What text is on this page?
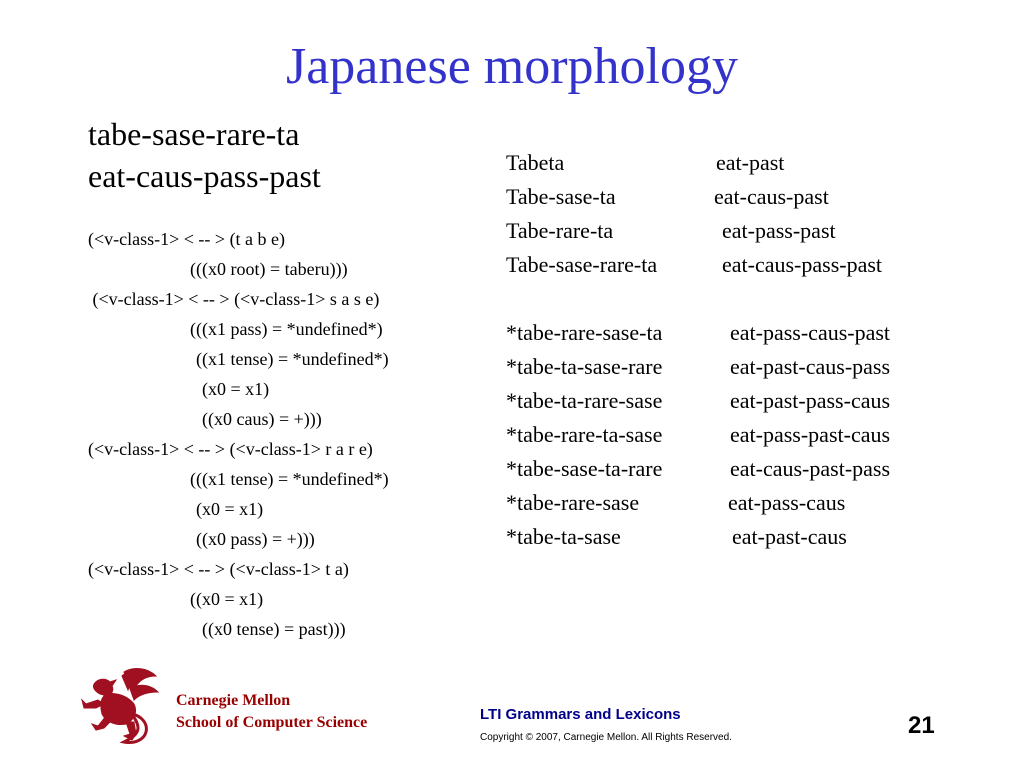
Japanese morphology
tabe-sase-rare-ta
eat-caus-pass-past
(<v-class-1> < -- > (t a b e)
(((x0 root) = taberu)))
(<v-class-1> < -- > (<v-class-1> s a s e)
(((x1 pass) = *undefined*)
((x1 tense) = *undefined*)
(x0 = x1)
((x0 caus) = +)))
(<v-class-1> < -- > (<v-class-1> r a r e)
(((x1 tense) = *undefined*)
(x0 = x1)
((x0 pass) = +)))
(<v-class-1> < -- > (<v-class-1> t a)
((x0 = x1)
((x0 tense) = past)))
Tabeta	eat-past
Tabe-sase-ta	eat-caus-past
Tabe-rare-ta	eat-pass-past
Tabe-sase-rare-ta	eat-caus-pass-past
*tabe-rare-sase-ta	eat-pass-caus-past
*tabe-ta-sase-rare	eat-past-caus-pass
*tabe-ta-rare-sase	eat-past-pass-caus
*tabe-rare-ta-sase	eat-pass-past-caus
*tabe-sase-ta-rare	eat-caus-past-pass
*tabe-rare-sase	eat-pass-caus
*tabe-ta-sase	eat-past-caus
Carnegie Mellon
School of Computer Science	LTI Grammars and Lexicons
Copyright © 2007, Carnegie Mellon. All Rights Reserved.	21
